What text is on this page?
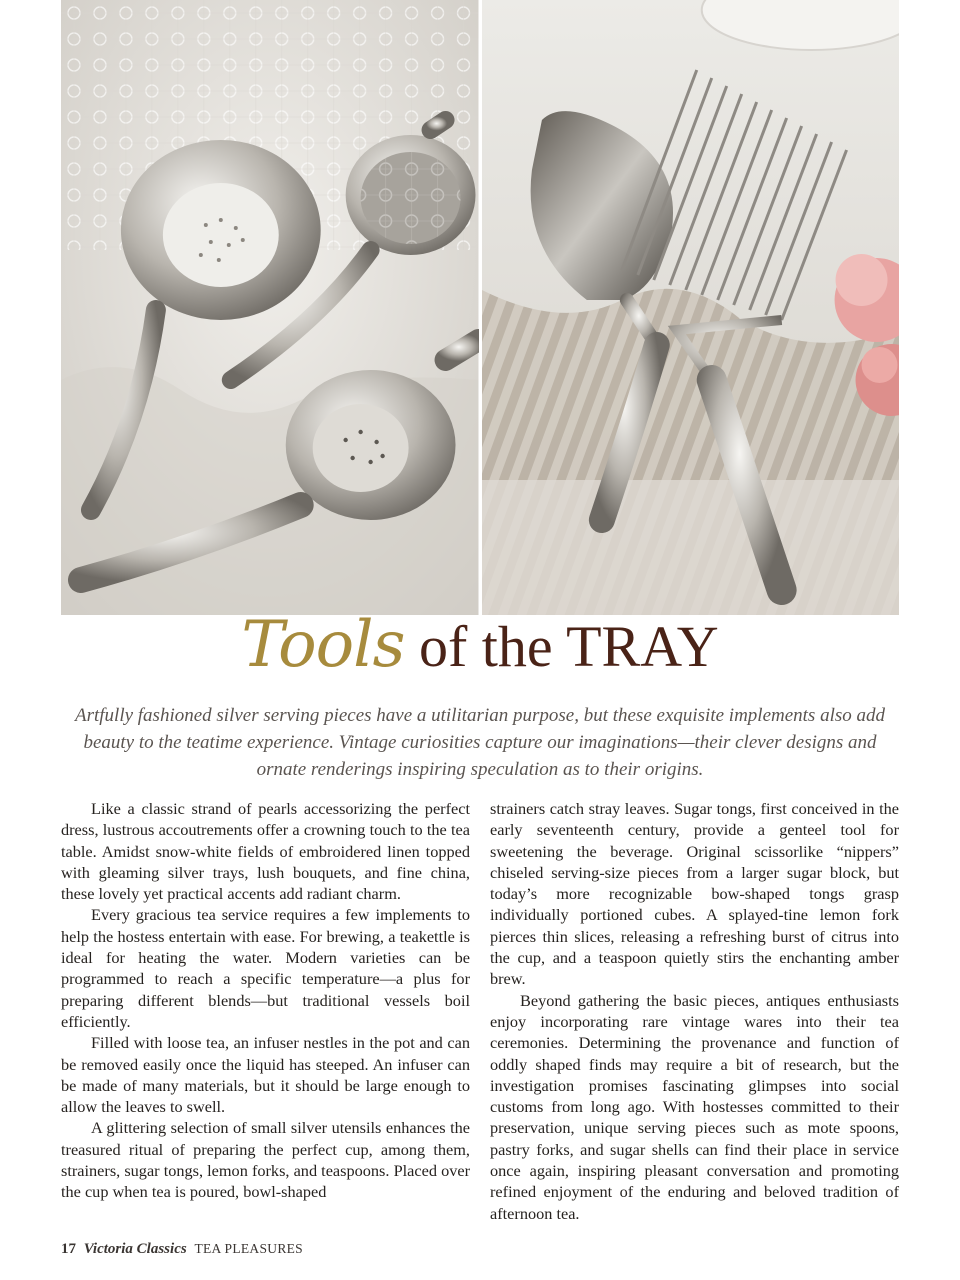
Tools of the TRAY

Artfully fashioned silver serving pieces have a utilitarian purpose, but these exquisite implements also add beauty to the teatime experience. Vintage curiosities capture our imaginations—their clever designs and ornate renderings inspiring speculation as to their origins.

Like a classic strand of pearls accessorizing the perfect dress, lustrous accoutrements offer a crowning touch to the tea table. Amidst snow-white fields of embroidered linen topped with gleaming silver trays, lush bouquets, and fine china, these lovely yet practical accents add radiant charm.

Every gracious tea service requires a few implements to help the hostess entertain with ease. For brewing, a teakettle is ideal for heating the water. Modern varieties can be programmed to reach a specific temperature—a plus for preparing different blends—but traditional vessels boil efficiently.

Filled with loose tea, an infuser nestles in the pot and can be removed easily once the liquid has steeped. An infuser can be made of many materials, but it should be large enough to allow the leaves to swell.

A glittering selection of small silver utensils enhances the treasured ritual of preparing the perfect cup, among them, strainers, sugar tongs, lemon forks, and teaspoons. Placed over the cup when tea is poured, bowl-shaped

strainers catch stray leaves. Sugar tongs, first conceived in the early seventeenth century, provide a genteel tool for sweetening the beverage. Original scissorlike “nippers” chiseled serving-size pieces from a larger sugar block, but today’s more recognizable bow-shaped tongs grasp individually portioned cubes. A splayed-tine lemon fork pierces thin slices, releasing a refreshing burst of citrus into the cup, and a teaspoon quietly stirs the enchanting amber brew.

Beyond gathering the basic pieces, antiques enthusiasts enjoy incorporating rare vintage wares into their tea ceremonies. Determining the provenance and function of oddly shaped finds may require a bit of research, but the investigation promises fascinating glimpses into social customs from long ago. With hostesses committed to their preservation, unique serving pieces such as mote spoons, pastry forks, and sugar shells can find their place in service once again, inspiring pleasant conversation and promoting refined enjoyment of the enduring and beloved tradition of afternoon tea.

17 Victoria Classics TEA PLEASURES
